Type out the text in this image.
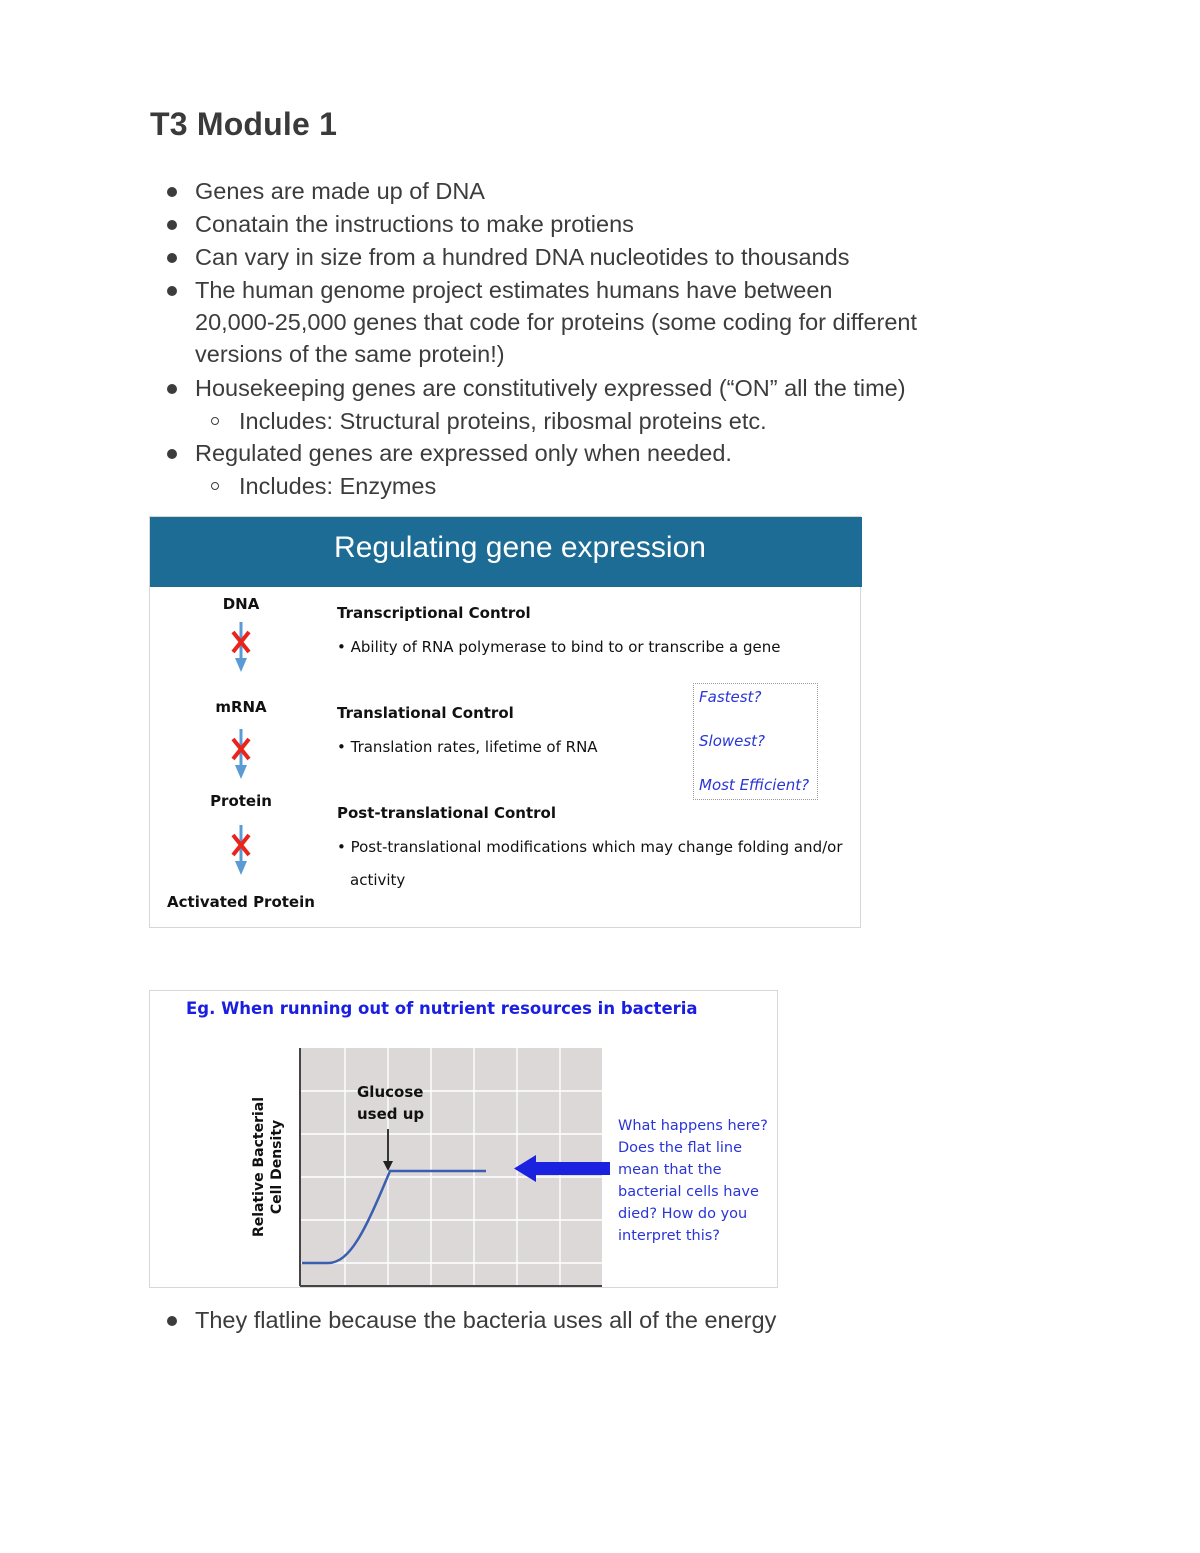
T3 Module 1
Genes are made up of DNA
Conatain the instructions to make protiens
Can vary in size from a hundred DNA nucleotides to thousands
The human genome project estimates humans have between
20,000-25,000 genes that code for proteins (some coding for different
versions of the same protein!)
Housekeeping genes are constitutively expressed (“ON” all the time)
Includes: Structural proteins, ribosmal proteins etc.
Regulated genes are expressed only when needed.
Includes: Enzymes
Regulating gene expression
DNA
mRNA
Protein
Activated Protein
Transcriptional Control
• Ability of RNA polymerase to bind to or transcribe a gene
Translational Control
• Translation rates, lifetime of RNA
Post-translational Control
• Post-translational modifications which may change folding and/or
activity
Fastest?
Slowest?
Most Efficient?
Eg. When running out of nutrient resources in bacteria
Glucose
used up
Relative Bacterial Cell Density	What happens here?
Does the flat line
mean that the
bacterial cells have
died? How do you
interpret this?
They flatline because the bacteria uses all of the energy
